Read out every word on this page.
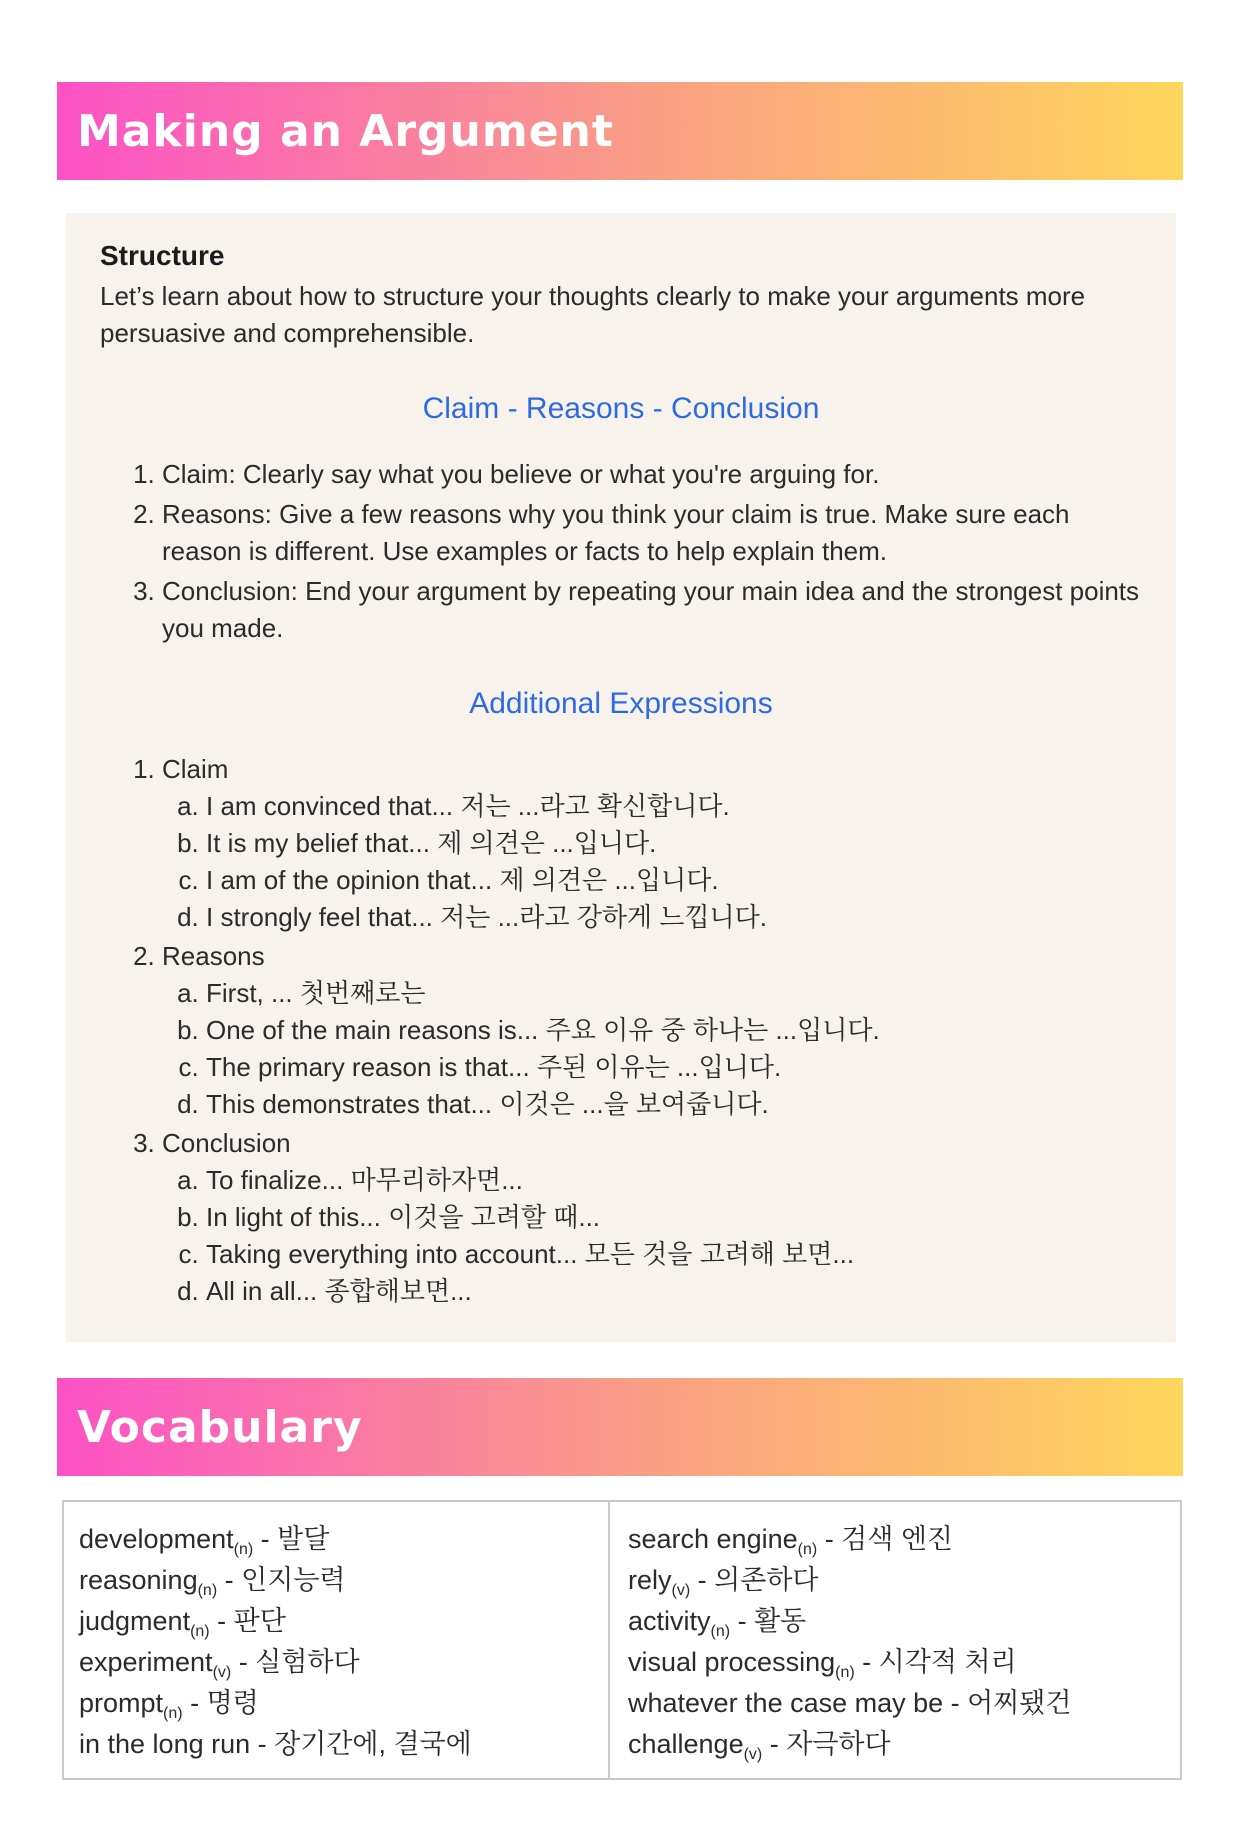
Making an Argument
Structure

Let’s learn about how to structure your thoughts clearly to make your arguments more persuasive and comprehensible.

Claim - Reasons - Conclusion
1. Claim: Clearly say what you believe or what you're arguing for.
2. Reasons: Give a few reasons why you think your claim is true. Make sure each reason is different. Use examples or facts to help explain them.
3. Conclusion: End your argument by repeating your main idea and the strongest points you made.
Additional Expressions
1. Claim
a. I am convinced that... 저는 ...라고 확신합니다.
b. It is my belief that... 제 의견은 ...입니다.
c. I am of the opinion that... 제 의견은 ...입니다.
d. I strongly feel that... 저는 ...라고 강하게 느낍니다.
2. Reasons
a. First, ... 첫번째로는
b. One of the main reasons is... 주요 이유 중 하나는 ...입니다.
c. The primary reason is that... 주된 이유는 ...입니다.
d. This demonstrates that... 이것은 ...을 보여줍니다.
3. Conclusion
a. To finalize... 마무리하자면...
b. In light of this... 이것을 고려할 때...
c. Taking everything into account... 모든 것을 고려해 보면...
d. All in all... 종합해보면...
Vocabulary
development$_{(n)}$ - 발달
reasoning$_{(n)}$ - 인지능력
judgment$_{(n)}$ - 판단
experiment$_{(v)}$ - 실험하다
prompt$_{(n)}$ - 명령
in the long run - 장기간에, 결국에
search engine$_{(n)}$ - 검색 엔진
rely$_{(v)}$ - 의존하다
activity$_{(n)}$ - 활동
visual processing$_{(n)}$ - 시각적 처리
whatever the case may be - 어찌됐건
challenge$_{(v)}$ - 자극하다
